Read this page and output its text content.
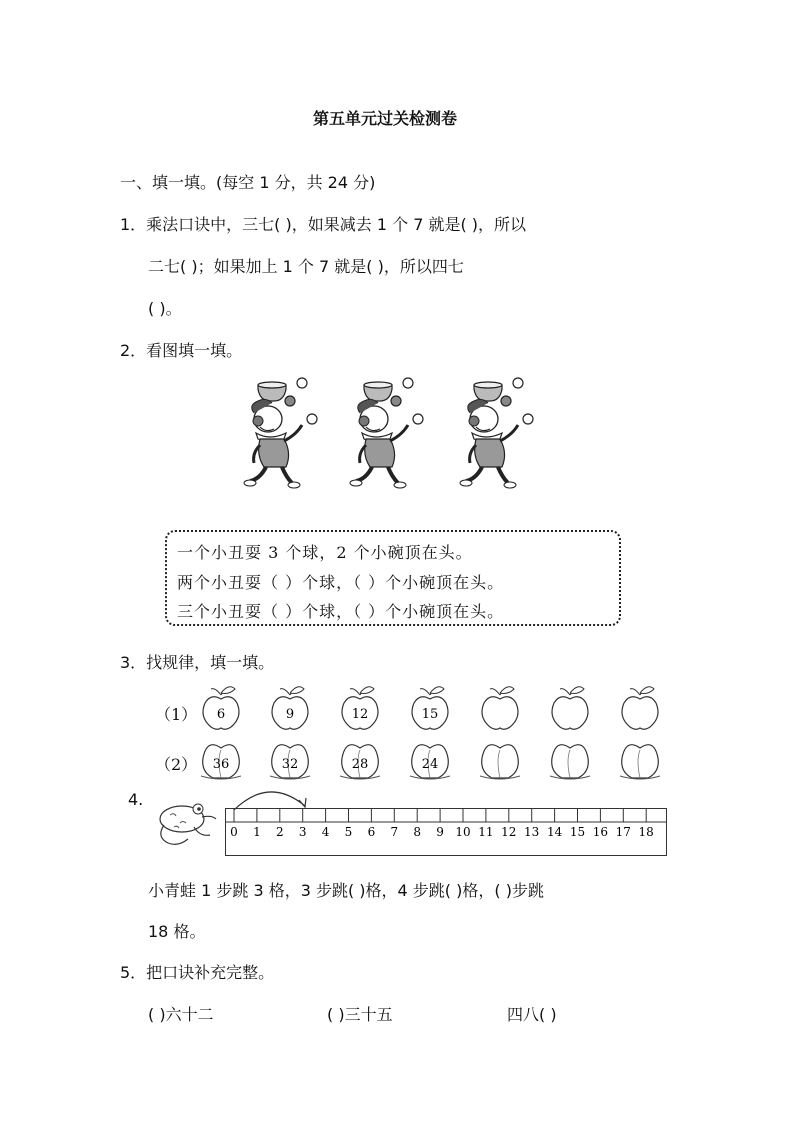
第五单元过关检测卷
一、填一填。(每空 1 分，共 24 分)
1．乘法口诀中，三七( )，如果减去 1 个 7 就是( )，所以
二七( )；如果加上 1 个 7 就是( )，所以四七
( )。
2．看图填一填。
一个小丑耍 3 个球，2 个小碗顶在头。
两个小丑耍（ ）个球，（ ）个小碗顶在头。
三个小丑耍（ ）个球，（ ）个小碗顶在头。
3．找规律，填一填。
（1）
（2）
6	9	12	15
36	32	28	24
4.
0 1 2 3 4 5 6 7 8 9 10 11 12 13 14 15 16 17 18
小青蛙 1 步跳 3 格，3 步跳( )格，4 步跳( )格，( )步跳
18 格。
5．把口诀补充完整。
( )六十二	( )三十五	四八( )
